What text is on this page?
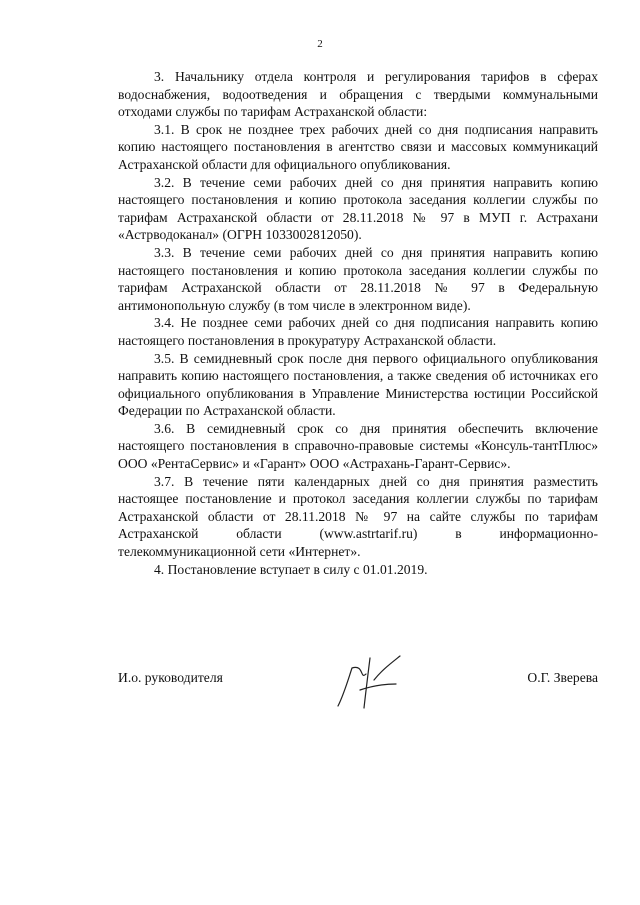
2

3. Начальнику отдела контроля и регулирования тарифов в сферах водоснабжения, водоотведения и обращения с твердыми коммунальными отходами службы по тарифам Астраханской области:

3.1. В срок не позднее трех рабочих дней со дня подписания направить копию настоящего постановления в агентство связи и массовых коммуникаций Астраханской области для официального опубликования.

3.2. В течение семи рабочих дней со дня принятия направить копию настоящего постановления и копию протокола заседания коллегии службы по тарифам Астраханской области от 28.11.2018 № 97 в МУП г. Астрахани «Астрводоканал» (ОГРН 1033002812050).

3.3. В течение семи рабочих дней со дня принятия направить копию настоящего постановления и копию протокола заседания коллегии службы по тарифам Астраханской области от 28.11.2018 № 97 в Федеральную антимонопольную службу (в том числе в электронном виде).

3.4. Не позднее семи рабочих дней со дня подписания направить копию настоящего постановления в прокуратуру Астраханской области.

3.5. В семидневный срок после дня первого официального опубликования направить копию настоящего постановления, а также сведения об источниках его официального опубликования в Управление Министерства юстиции Российской Федерации по Астраханской области.

3.6. В семидневный срок со дня принятия обеспечить включение настоящего постановления в справочно-правовые системы «Консуль-тантПлюс» ООО «РентаСервис» и «Гарант» ООО «Астрахань-Гарант-Сервис».

3.7. В течение пяти календарных дней со дня принятия разместить настоящее постановление и протокол заседания коллегии службы по тарифам Астраханской области от 28.11.2018 № 97 на сайте службы по тарифам Астраханской области (www.astrtarif.ru) в информационно-телекоммуникационной сети «Интернет».

4. Постановление вступает в силу с 01.01.2019.

И.о. руководителя	О.Г. Зверева
